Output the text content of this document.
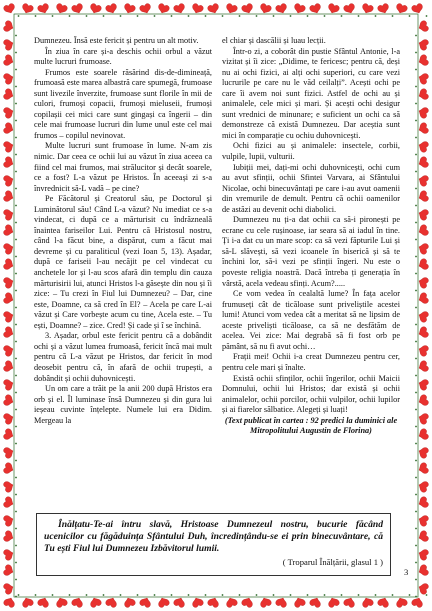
Dumnezeu. Însă este fericit și pentru un alt motiv.

În ziua în care și-a deschis ochii orbul a văzut multe lucruri frumoase.

Frumos este soarele răsărind dis-de-dimineață, frumoasă este marea albastră care spumegă, frumoase sunt livezile înverzite, frumoase sunt florile în mii de culori, frumoși copacii, frumoși mieluseii, frumoși copilașii cei mici care sunt gingași ca îngerii – din cele mai frumoase lucruri din lume unul este cel mai frumos – copilul nevinovat.

Multe lucruri sunt frumoase în lume. N-am zis nimic. Dar ceea ce ochii lui au văzut în ziua aceea ca fiind cel mai frumos, mai strălucitor și decât soarele, ce a fost? L-a văzut pe Hristos. În aceeași zi s-a învrednicit să-L vadă – pe cine?

Pe Făcătorul și Creatorul său, pe Doctorul și Luminătorul său! Când L-a văzut? Nu imediat ce s-a vindecat, ci după ce a mărturisit cu îndrăzneală înaintea fariseilor Lui. Pentru că Hristosul nostru, când l-a făcut bine, a dispărut, cum a făcut mai devreme și cu paraliticul (vezi Ioan 5, 13). Așadar, după ce fariseii l-au necăjit pe cel vindecat cu anchetele lor și l-au scos afară din templu din cauza mărturisirii lui, atunci Hristos l-a găsește din nou și îi zice: – Tu crezi în Fiul lui Dumnezeu? – Dar, cine este, Doamne, ca să cred în El? – Acela pe care L-ai văzut și Care vorbește acum cu tine, Acela este. – Tu ești, Doamne? – zice. Cred! Și cade și î se închină.

3. Așadar, orbul este fericit pentru că a dobândit ochi și a văzut lumea frumoasă, fericit încă mai mult pentru că L-a văzut pe Hristos, dar fericit în mod deosebit pentru că, în afară de ochii trupești, a dobândit și ochii duhovnicești.

Un om care a trăit pe la anii 200 după Hristos era orb și el. Îl luminase însă Dumnezeu și din gura lui ieșeau cuvinte înțelepte. Numele lui era Didim. Mergeau la

el chiar și dascălii și luau lecții.

Într-o zi, a coborât din pustie Sfântul Antonie, l-a vizitat și îi zice: „Didime, te fericesc; pentru că, deși nu ai ochi fizici, ai alți ochi superiori, cu care vezi lucrurile pe care nu le văd ceilalți”. Acești ochi pe care îi avem noi sunt fizici. Astfel de ochi au și animalele, cele mici și mari. Și acești ochi desigur sunt vrednici de minunare; e suficient un ochi ca să demonstreze că există Dumnezeu. Dar aceștia sunt mici în comparație cu ochiu duhovnicești.

Ochi fizici au și animalele: insectele, corbii, vulpile, lupii, vulturii.

Iubiții mei, dați-mi ochi duhovnicești, ochi cum au avut sfinții, ochii Sfintei Varvara, ai Sfântului Nicolae, ochi binecuvântați pe care i-au avut oamenii din vremurile de demult. Pentru că ochii oamenilor de astăzi au devenit ochi diabolici.

Dumnezeu nu ți-a dat ochii ca să-i pironești pe ecrane cu cele rușinoase, iar seara să ai iadul în tine. Ți i-a dat cu un mare scop: ca să vezi făpturile Lui și să-L slăvești, să vezi icoanele în biserică și să te închini lor, să-i vezi pe sfinții îngeri. Nu este o poveste religia noastră. Dacă întreba ți generația în vârstă, acela vedeau sfinți. Acum?.....

Ce vom vedea în cealaltă lume? În fața acelor frumuseți cât de ticăloase sunt priveliștile acestei lumi! Atunci vom vedea cât a meritat să ne lipsim de aceste priveliști ticăloase, ca să ne desfătăm de acelea. Vei zice: Mai degrabă să fi fost orb pe pământ, să nu fi avut ochi…

Frații mei! Ochii i-a creat Dumnezeu pentru cer, pentru cele mari și înalte.

Există ochii sfinților, ochii îngerilor, ochii Maicii Domnului, ochii lui Hristos; dar există și ochii animalelor, ochii porcilor, ochii vulpilor, ochii lupilor și ai fiarelor sălbatice. Alegeți și luați!

(Text publicat în cartea : 92 predici la duminici ale Mitropolitului Augustin de Florina)

Înălțatu-Te-ai întru slavă, Hristoase Dumnezeul nostru, bucurie făcând ucenicilor cu făgăduința Sfântului Duh, încredințându-se ei prin binecuvântare, că Tu ești Fiul lui Dumnezeu Izbăvitorul lumii.
( Troparul Înălțării, glasul 1 )
3
